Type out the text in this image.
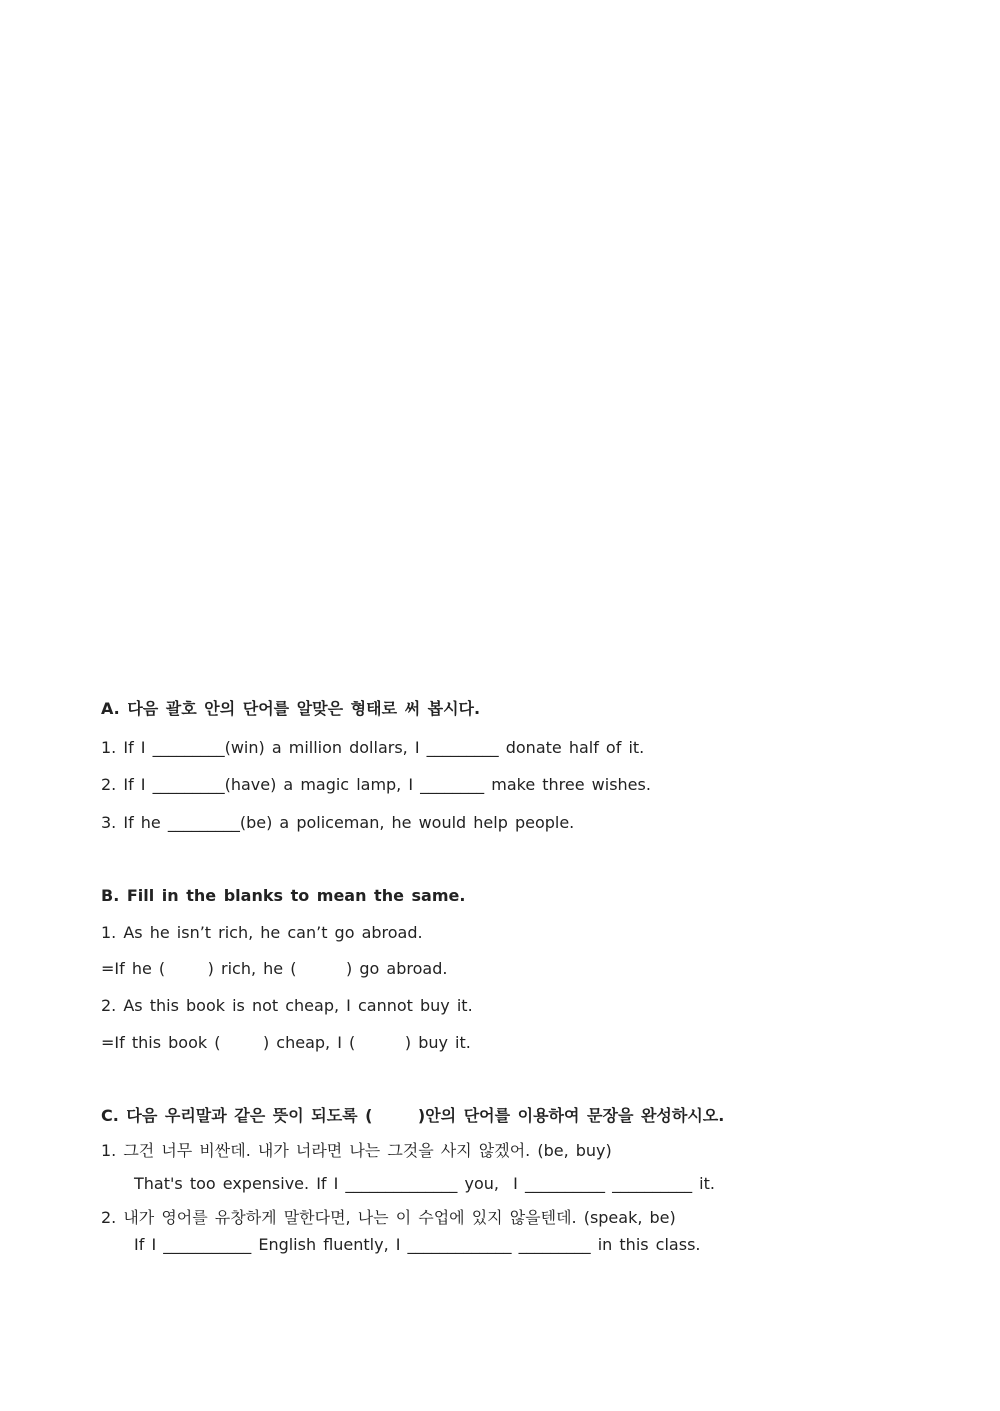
A. 다음 괄호 안의 단어를 알맞은 형태로 써 봅시다.
1. If I _________(win) a million dollars, I _________ donate half of it.
2. If I _________(have) a magic lamp, I ________ make three wishes.
3. If he _________(be) a policeman, he would help people.
B. Fill in the blanks to mean the same.
1. As he isn’t rich, he can’t go abroad.
=If he (      ) rich, he (       ) go abroad.
2. As this book is not cheap, I cannot buy it.
=If this book (      ) cheap, I (       ) buy it.
C. 다음 우리말과 같은 뜻이 되도록 (      )안의 단어를 이용하여 문장을 완성하시오.
1. 그건 너무 비싼데. 내가 너라면 나는 그것을 사지 않겠어. (be, buy)
That's too expensive. If I ______________ you,  I __________ __________ it.
2. 내가 영어를 유창하게 말한다면, 나는 이 수업에 있지 않을텐데. (speak, be)
If I ___________ English fluently, I _____________ _________ in this class.
